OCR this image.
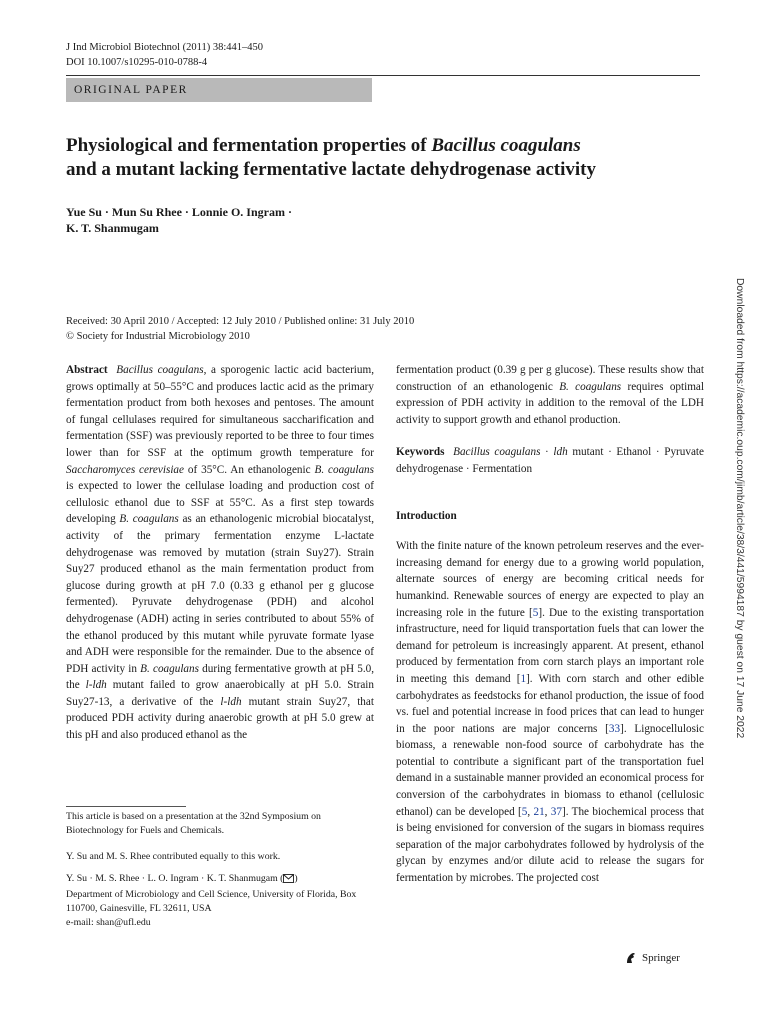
J Ind Microbiol Biotechnol (2011) 38:441–450
DOI 10.1007/s10295-010-0788-4
ORIGINAL PAPER
Physiological and fermentation properties of Bacillus coagulans
and a mutant lacking fermentative lactate dehydrogenase activity
Yue Su · Mun Su Rhee · Lonnie O. Ingram ·
K. T. Shanmugam
Received: 30 April 2010 / Accepted: 12 July 2010 / Published online: 31 July 2010
© Society for Industrial Microbiology 2010	Downloaded from https://academic.oup.com/jimb/article/38/3/441/5994187 by guest on 17 June 2022

Abstract Bacillus coagulans, a sporogenic lactic acid bacterium, grows optimally at 50–55°C and produces lactic acid as the primary fermentation product from both hexoses and pentoses. The amount of fungal cellulases required for simultaneous saccharification and fermentation (SSF) was previously reported to be three to four times lower than for SSF at the optimum growth temperature for Saccharomyces cerevisiae of 35°C. An ethanologenic B. coagulans is expected to lower the cellulase loading and production cost of cellulosic ethanol due to SSF at 55°C. As a first step towards developing B. coagulans as an ethanologenic microbial biocatalyst, activity of the primary fermentation enzyme L-lactate dehydrogenase was removed by mutation (strain Suy27). Strain Suy27 produced ethanol as the main fermentation product from glucose during growth at pH 7.0 (0.33 g ethanol per g glucose fermented). Pyruvate dehydrogenase (PDH) and alcohol dehydrogenase (ADH) acting in series contributed to about 55% of the ethanol produced by this mutant while pyruvate formate lyase and ADH were responsible for the remainder. Due to the absence of PDH activity in B. coagulans during fermentative growth at pH 5.0, the l-ldh mutant failed to grow anaerobically at pH 5.0. Strain Suy27-13, a derivative of the l-ldh mutant strain Suy27, that produced PDH activity during anaerobic growth at pH 5.0 grew at this pH and also produced ethanol as the

This article is based on a presentation at the 32nd Symposium on Biotechnology for Fuels and Chemicals.

Y. Su and M. S. Rhee contributed equally to this work.

Y. Su · M. S. Rhee · L. O. Ingram · K. T. Shanmugam ( )

Department of Microbiology and Cell Science, University of Florida, Box 110700, Gainesville, FL 32611, USA

e-mail: shan@ufl.edu

fermentation product (0.39 g per g glucose). These results show that construction of an ethanologenic B. coagulans requires optimal expression of PDH activity in addition to the removal of the LDH activity to support growth and ethanol production.

Keywords Bacillus coagulans · ldh mutant · Ethanol · Pyruvate dehydrogenase · Fermentation

Introduction

With the finite nature of the known petroleum reserves and the ever-increasing demand for energy due to a growing world population, alternate sources of energy are becoming critical needs for humankind. Renewable sources of energy are expected to play an increasing role in the future [5]. Due to the existing transportation infrastructure, need for liquid transportation fuels that can lower the demand for petroleum is increasingly apparent. At present, ethanol produced by fermentation from corn starch plays an important role in meeting this demand [1]. With corn starch and other edible carbohydrates as feedstocks for ethanol production, the issue of food vs. fuel and potential increase in food prices that can lead to hunger in the poor nations are major concerns [33]. Lignocellulosic biomass, a renewable non-food source of carbohydrate has the potential to contribute a significant part of the transportation fuel demand in a sustainable manner provided an economical process for conversion of the carbohydrates in biomass to ethanol (cellulosic ethanol) can be developed [5, 21, 37]. The biochemical process that is being envisioned for conversion of the sugars in biomass requires separation of the major carbohydrates followed by hydrolysis of the glycan by enzymes and/or dilute acid to release the sugars for fermentation by microbes. The projected cost

Springer
